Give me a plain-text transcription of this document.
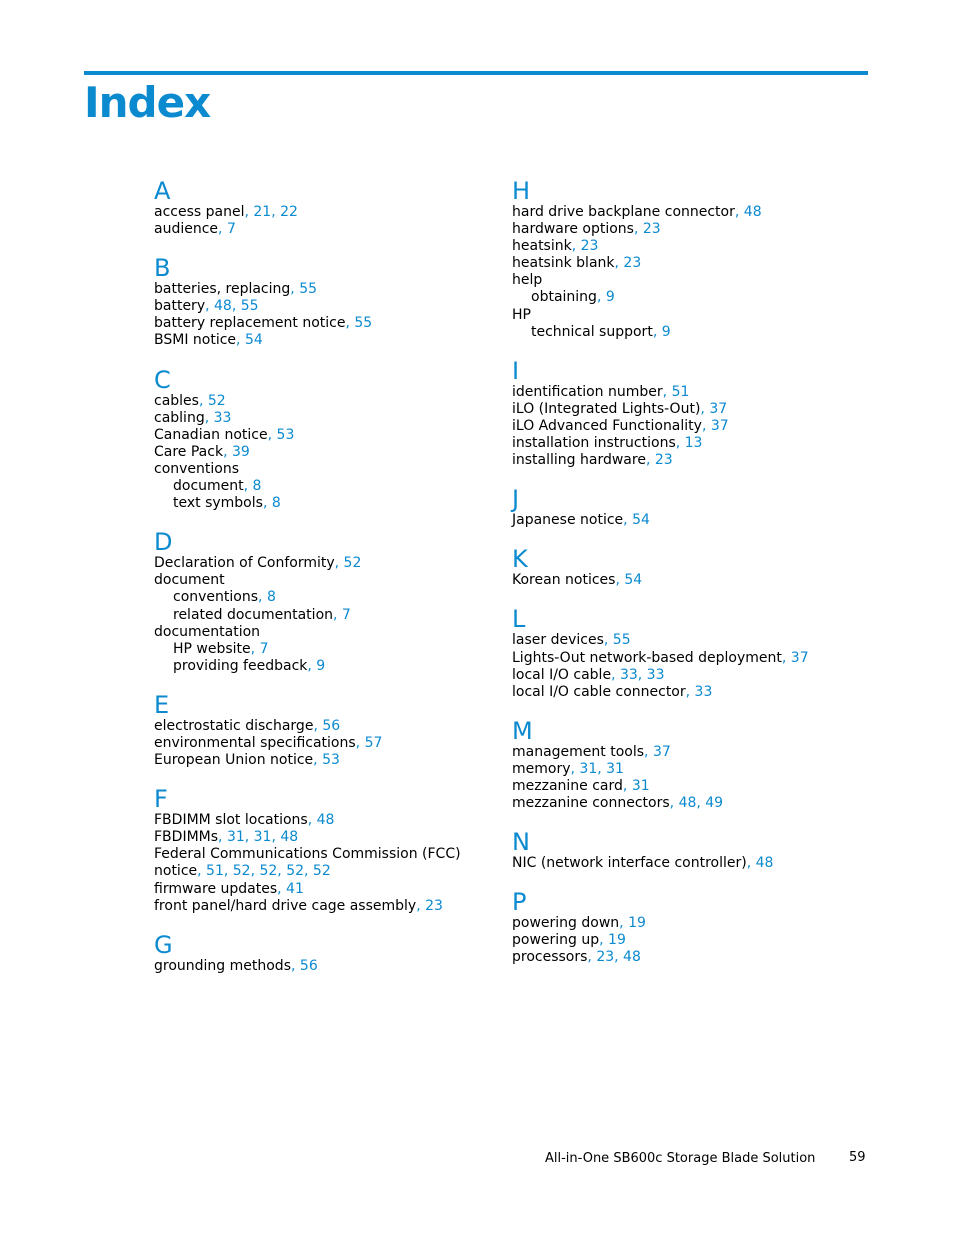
Index
A
access panel, 21, 22
audience, 7
B
batteries, replacing, 55
battery, 48, 55
battery replacement notice, 55
BSMI notice, 54
C
cables, 52
cabling, 33
Canadian notice, 53
Care Pack, 39
conventions
document, 8
text symbols, 8
D
Declaration of Conformity, 52
document
conventions, 8
related documentation, 7
documentation
HP website, 7
providing feedback, 9
E
electrostatic discharge, 56
environmental specifications, 57
European Union notice, 53
F
FBDIMM slot locations, 48
FBDIMMs, 31, 31, 48
Federal Communications Commission (FCC)
notice, 51, 52, 52, 52, 52
firmware updates, 41
front panel/hard drive cage assembly, 23
G
grounding methods, 56
H
hard drive backplane connector, 48
hardware options, 23
heatsink, 23
heatsink blank, 23
help
obtaining, 9
HP
technical support, 9
I
identification number, 51
iLO (Integrated Lights-Out), 37
iLO Advanced Functionality, 37
installation instructions, 13
installing hardware, 23
J
Japanese notice, 54
K
Korean notices, 54
L
laser devices, 55
Lights-Out network-based deployment, 37
local I/O cable, 33, 33
local I/O cable connector, 33
M
management tools, 37
memory, 31, 31
mezzanine card, 31
mezzanine connectors, 48, 49
N
NIC (network interface controller), 48
P
powering down, 19
powering up, 19
processors, 23, 48
All-in-One SB600c Storage Blade Solution	59
